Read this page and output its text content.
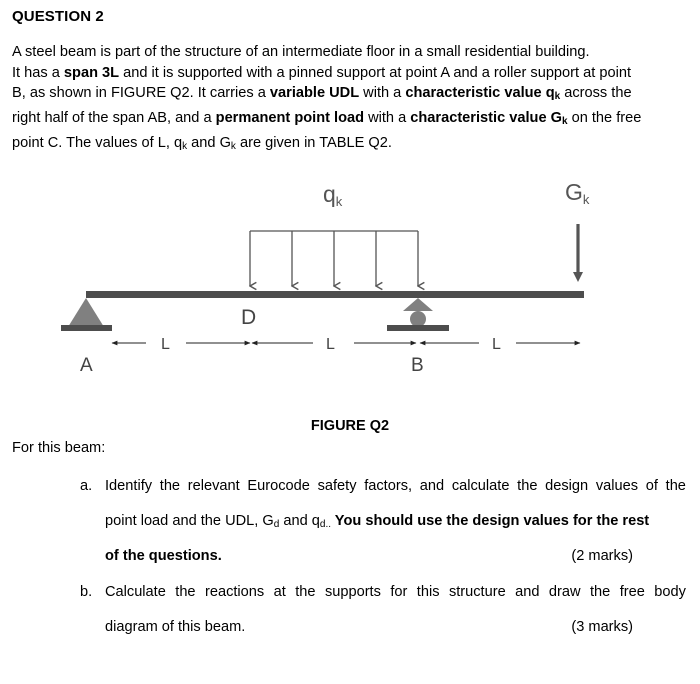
QUESTION 2
A steel beam is part of the structure of an intermediate floor in a small residential building.
It has a span 3L and it is supported with a pinned support at point A and a roller support at point
B, as shown in FIGURE Q2. It carries a variable UDL with a characteristic value $q_k$ across the
right half of the span AB, and a permanent point load with a characteristic value $G_k$ on the free
point C. The values of L, $q_k$ and $G_k$ are given in TABLE Q2.
qk	Gk
D
A	B
L	L	L
FIGURE Q2
For this beam:
a. Identify the relevant Eurocode safety factors, and calculate the design values of the
point load and the UDL, $G_d$ and $q_{d..}$ You should use the design values for the rest
of the questions.	(2 marks)
b. Calculate the reactions at the supports for this structure and draw the free body
diagram of this beam.	(3 marks)
